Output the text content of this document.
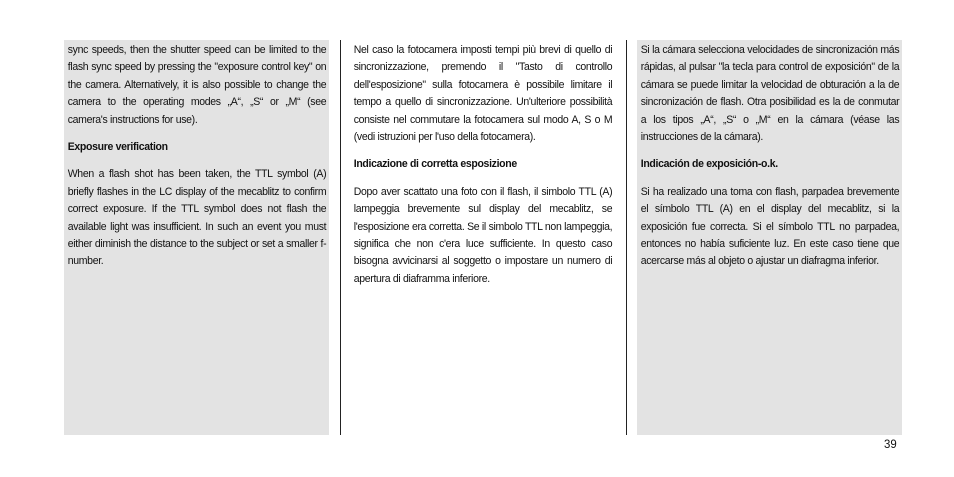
sync speeds, then the shutter speed can be limited to the flash sync speed by pressing the "exposure control key" on the camera. Alternatively, it is also possible to change the camera to the operating modes „A“, „S“ or „M“ (see camera's instructions for use).

Exposure verification

When a flash shot has been taken, the TTL symbol (A) briefly flashes in the LC display of the mecablitz to confirm correct exposure. If the TTL symbol does not flash the available light was insufficient. In such an event you must either diminish the distance to the subject or set a smaller f-number.

Nel caso la fotocamera imposti tempi più brevi di quello di sincronizzazione, premendo il "Tasto di controllo dell'esposizione" sulla fotocamera è possibile limitare il tempo a quello di sincronizzazione. Un'ulteriore possibilità consiste nel commutare la fotocamera sul modo A, S o M (vedi istruzioni per l'uso della fotocamera).

Indicazione di corretta esposizione

Dopo aver scattato una foto con il flash, il simbolo TTL (A) lampeggia brevemente sul display del mecablitz, se l'esposizione era corretta. Se il simbolo TTL non lampeggia, significa che non c'era luce sufficiente. In questo caso bisogna avvicinarsi al soggetto o impostare un numero di apertura di diaframma inferiore.

Si la cámara selecciona velocidades de sincronización más rápidas, al pulsar "la tecla para control de exposición" de la cámara se puede limitar la velocidad de obturación a la de sincronización de flash. Otra posibilidad es la de conmutar a los tipos „A“, „S“ o „M“ en la cámara (véase las instrucciones de la cámara).

Indicación de exposición-o.k.

Si ha realizado una toma con flash, parpadea brevemente el símbolo TTL (A) en el display del mecablitz, si la exposición fue correcta. Si el símbolo TTL no parpadea, entonces no había suficiente luz. En este caso tiene que acercarse más al objeto o ajustar un diafragma inferior.

39
